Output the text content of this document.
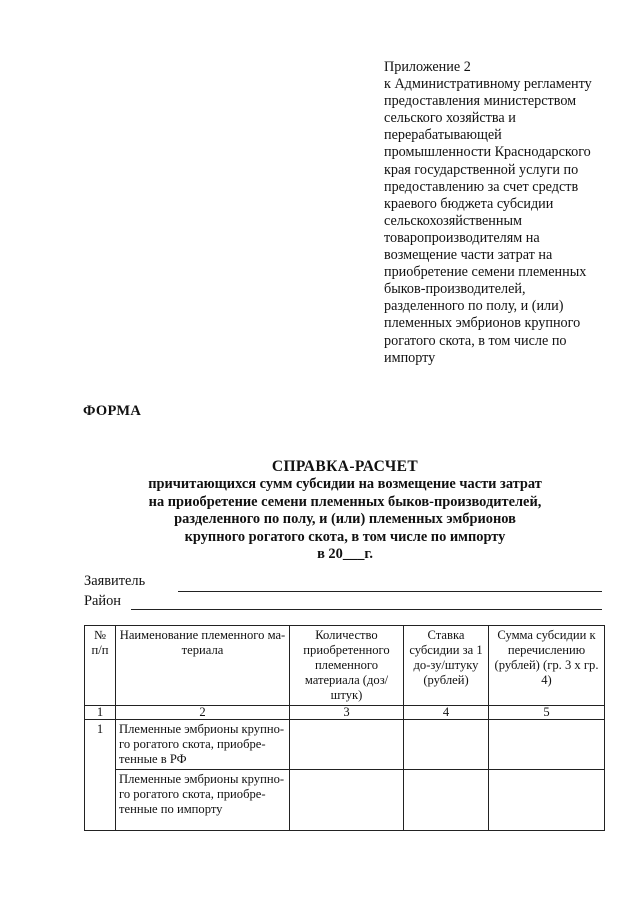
Приложение 2
к Административному регламенту
предоставления министерством
сельского хозяйства и
перерабатывающей
промышленности Краснодарского
края государственной услуги по
предоставлению за счет средств
краевого бюджета субсидии
сельскохозяйственным
товаропроизводителям на
возмещение части затрат на
приобретение семени племенных
быков-производителей,
разделенного по полу, и (или)
племенных эмбрионов крупного
рогатого скота, в том числе по
импорту
ФОРМА
СПРАВКА-РАСЧЕТ
причитающихся сумм субсидии на возмещение части затрат
на приобретение семени племенных быков-производителей,
разделенного по полу, и (или) племенных эмбрионов
крупного рогатого скота, в том числе по импорту
в 20___г.
Заявитель
Район
№ п/п	Наименование племенного ма-териала	Количество приобретенного племенного материала (доз/штук)	Ставка субсидии за 1 до-зу/штуку (рублей)	Сумма субсидии к перечислению (рублей) (гр. 3 х гр. 4)
1	2	3	4	5
1	Племенные эмбрионы крупно-го рогатого скота, приобре-тенные в РФ			
	Племенные эмбрионы крупно-го рогатого скота, приобре-тенные по импорту			
